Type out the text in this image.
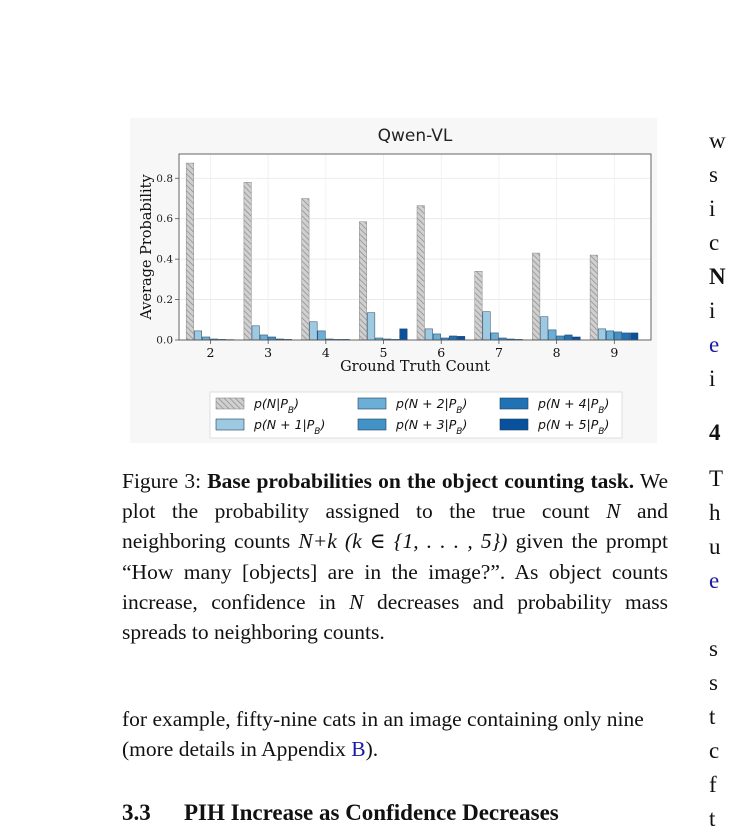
0.0
0.2
0.4
0.6
0.8
2	3	4	5	6	7	8	9
Qwen-VL
Ground Truth Count
Average Probability
$p(N|P_B)$
$p(N + 1|P_B)$
$p(N + 2|P_B)$
$p(N + 3|P_B)$
$p(N + 4|P_B)$
$p(N + 5|P_B)$
Figure 3: Base probabilities on the object counting task. We plot the probability assigned to the true count N and neighboring counts N+k (k ∈ {1, . . . , 5}) given the prompt “How many [objects] are in the image?”. As object counts increase, confidence in N decreases and probability mass spreads to neighboring counts.
for example, fifty-nine cats in an image containing only nine (more details in Appendix B).
3.3 PIH Increase as Confidence Decreases
w
s
i
c
N
i
e
i
4
T
h
u
e
s
s
t
c
f
t
